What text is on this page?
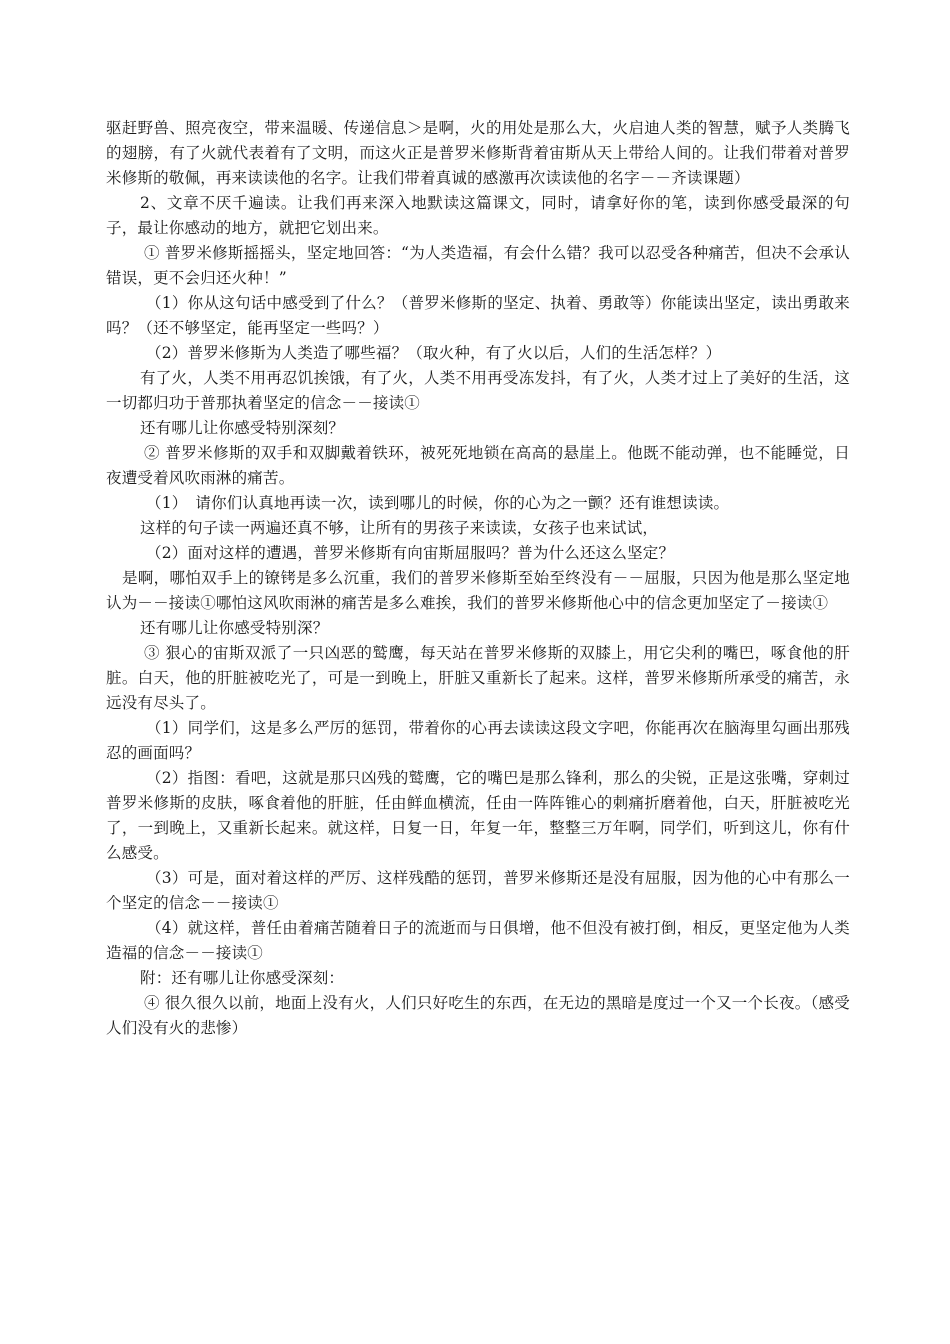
驱赶野兽、照亮夜空，带来温暖、传递信息＞是啊，火的用处是那么大，火启迪人类的智慧，赋予人类腾飞的翅膀，有了火就代表着有了文明，而这火正是普罗米修斯背着宙斯从天上带给人间的。让我们带着对普罗米修斯的敬佩，再来读读他的名字。让我们带着真诚的感激再次读读他的名字－－齐读课题）

2、文章不厌千遍读。让我们再来深入地默读这篇课文，同时，请拿好你的笔，读到你感受最深的句子，最让你感动的地方，就把它划出来。

① 普罗米修斯摇摇头，坚定地回答：“为人类造福，有会什么错？我可以忍受各种痛苦，但决不会承认错误，更不会归还火种！”

（1）你从这句话中感受到了什么？（普罗米修斯的坚定、执着、勇敢等）你能读出坚定，读出勇敢来吗？（还不够坚定，能再坚定一些吗？）

（2）普罗米修斯为人类造了哪些福？（取火种，有了火以后，人们的生活怎样？）

有了火，人类不用再忍饥挨饿，有了火，人类不用再受冻发抖，有了火，人类才过上了美好的生活，这一切都归功于普那执着坚定的信念－－接读①

还有哪儿让你感受特别深刻？

② 普罗米修斯的双手和双脚戴着铁环，被死死地锁在高高的悬崖上。他既不能动弹，也不能睡觉，日夜遭受着风吹雨淋的痛苦。

（1）　请你们认真地再读一次，读到哪儿的时候，你的心为之一颤？还有谁想读读。

这样的句子读一两遍还真不够，让所有的男孩子来读读，女孩子也来试试，

（2）面对这样的遭遇，普罗米修斯有向宙斯屈服吗？普为什么还这么坚定？

是啊，哪怕双手上的镣铐是多么沉重，我们的普罗米修斯至始至终没有－－屈服，只因为他是那么坚定地认为－－接读①哪怕这风吹雨淋的痛苦是多么难挨，我们的普罗米修斯他心中的信念更加坚定了－接读①

还有哪儿让你感受特别深？

③ 狠心的宙斯双派了一只凶恶的鹫鹰，每天站在普罗米修斯的双膝上，用它尖利的嘴巴，啄食他的肝脏。白天，他的肝脏被吃光了，可是一到晚上，肝脏又重新长了起来。这样，普罗米修斯所承受的痛苦，永远没有尽头了。

（1）同学们，这是多么严厉的惩罚，带着你的心再去读读这段文字吧，你能再次在脑海里勾画出那残忍的画面吗？

（2）指图：看吧，这就是那只凶残的鹫鹰，它的嘴巴是那么锋利，那么的尖锐，正是这张嘴，穿刺过普罗米修斯的皮肤，啄食着他的肝脏，任由鲜血横流，任由一阵阵锥心的刺痛折磨着他，白天，肝脏被吃光了，一到晚上，又重新长起来。就这样，日复一日，年复一年，整整三万年啊，同学们，听到这儿，你有什么感受。

（3）可是，面对着这样的严厉、这样残酷的惩罚，普罗米修斯还是没有屈服，因为他的心中有那么一个坚定的信念－－接读①

（4）就这样，普任由着痛苦随着日子的流逝而与日俱增，他不但没有被打倒，相反，更坚定他为人类造福的信念－－接读①

附：还有哪儿让你感受深刻：

④ 很久很久以前，地面上没有火，人们只好吃生的东西，在无边的黑暗是度过一个又一个长夜。（感受人们没有火的悲惨）
